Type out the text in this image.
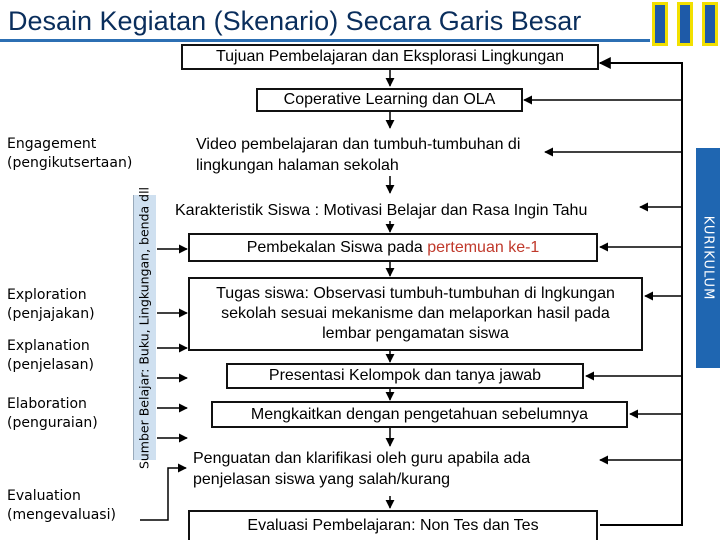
Desain Kegiatan (Skenario) Secara Garis Besar
Tujuan Pembelajaran dan Eksplorasi Lingkungan
Coperative Learning dan OLA
Video pembelajaran dan tumbuh-tumbuhan di lingkungan halaman sekolah
Karakteristik Siswa : Motivasi Belajar dan Rasa Ingin Tahu
Pembekalan Siswa pada pertemuan ke-1
Tugas siswa: Observasi tumbuh-tumbuhan di lngkungan sekolah sesuai mekanisme dan melaporkan hasil pada lembar pengamatan siswa
Presentasi Kelompok dan tanya jawab
Mengkaitkan dengan pengetahuan sebelumnya
Penguatan dan klarifikasi oleh guru apabila ada penjelasan siswa yang salah/kurang
Evaluasi Pembelajaran: Non Tes dan Tes
Engagement (pengikutsertaan)
Exploration (penjajakan)
Explanation (penjelasan)
Elaboration (penguraian)
Evaluation (mengevaluasi)
Sumber Belajar: Buku, Lingkungan, benda dll	KURIKULUM
